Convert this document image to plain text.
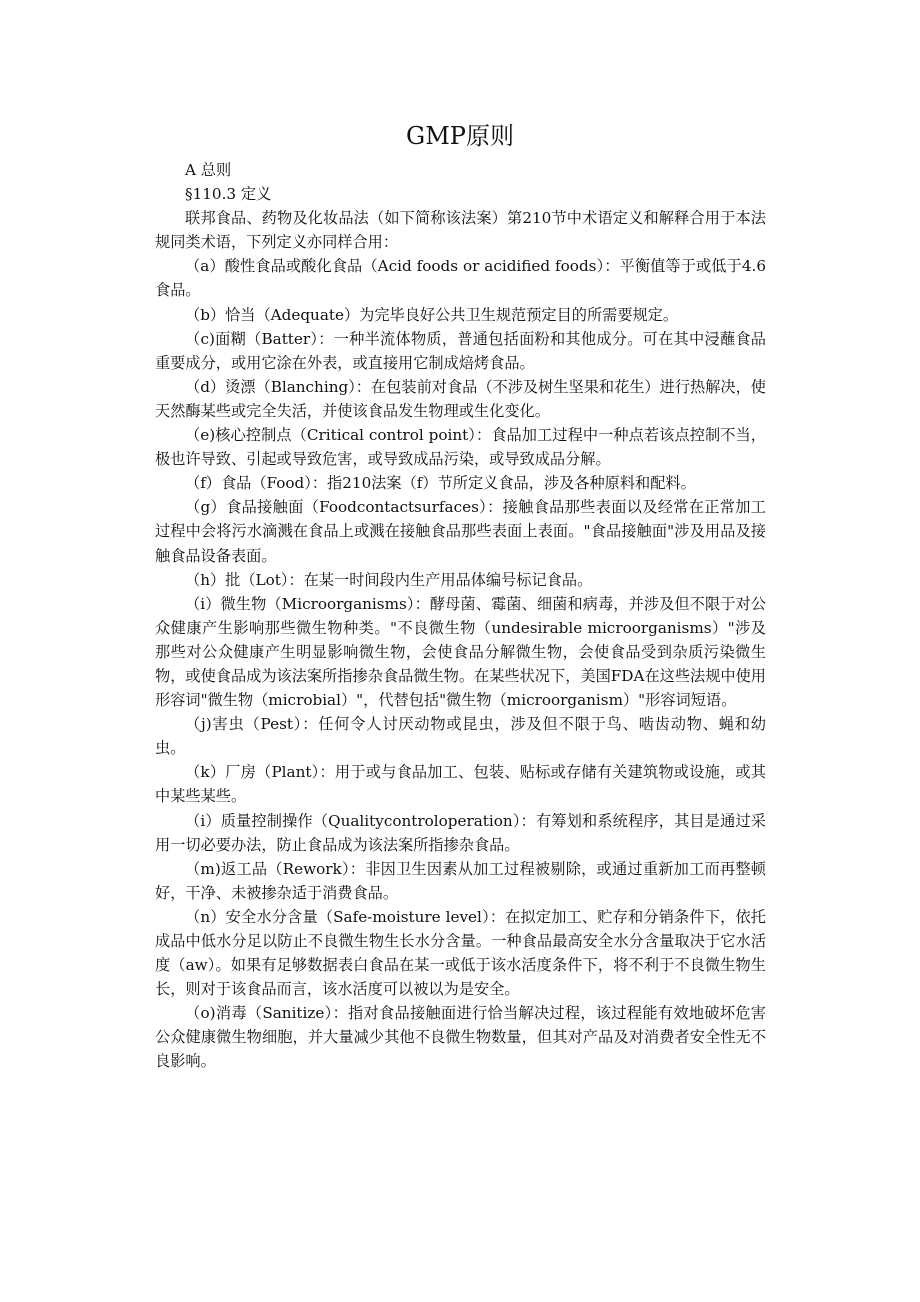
GMP原则

A 总则

§110.3 定义

联邦食品、药物及化妆品法（如下简称该法案）第210节中术语定义和解释合用于本法规同类术语，下列定义亦同样合用：

（a）酸性食品或酸化食品（Acid foods or acidified foods）：平衡值等于或低于4.6食品。

（b）恰当（Adequate）为完毕良好公共卫生规范预定目的所需要规定。

（c)面糊（Batter）：一种半流体物质，普通包括面粉和其他成分。可在其中浸蘸食品重要成分，或用它涂在外表，或直接用它制成焙烤食品。

（d）烫漂（Blanching）：在包装前对食品（不涉及树生坚果和花生）进行热解决，使天然酶某些或完全失活，并使该食品发生物理或生化变化。

（e)核心控制点（Critical control point）：食品加工过程中一种点若该点控制不当，极也许导致、引起或导致危害，或导致成品污染，或导致成品分解。

（f）食品（Food）：指210法案（f）节所定义食品，涉及各种原料和配料。

（g）食品接触面（Foodcontactsurfaces）：接触食品那些表面以及经常在正常加工过程中会将污水滴溅在食品上或溅在接触食品那些表面上表面。"食品接触面"涉及用品及接触食品设备表面。

（h）批（Lot）：在某一时间段内生产用品体编号标记食品。

（i）微生物（Microorganisms）：酵母菌、霉菌、细菌和病毒，并涉及但不限于对公众健康产生影响那些微生物种类。"不良微生物（undesirable microorganisms）"涉及那些对公众健康产生明显影响微生物，会使食品分解微生物，会使食品受到杂质污染微生物，或使食品成为该法案所指掺杂食品微生物。在某些状况下，美国FDA在这些法规中使用形容词"微生物（microbial）"，代替包括"微生物（microorganism）"形容词短语。

（j)害虫（Pest）：任何令人讨厌动物或昆虫，涉及但不限于鸟、啮齿动物、蝇和幼虫。

（k）厂房（Plant）：用于或与食品加工、包装、贴标或存储有关建筑物或设施，或其中某些某些。

（i）质量控制操作（Qualitycontroloperation）：有筹划和系统程序，其目是通过采用一切必要办法，防止食品成为该法案所指掺杂食品。

（m)返工品（Rework）：非因卫生因素从加工过程被剔除，或通过重新加工而再整顿好，干净、未被掺杂适于消费食品。

（n）安全水分含量（Safe-moisture level）：在拟定加工、贮存和分销条件下，依托成品中低水分足以防止不良微生物生长水分含量。一种食品最高安全水分含量取决于它水活度（aw）。如果有足够数据表白食品在某一或低于该水活度条件下，将不利于不良微生物生长，则对于该食品而言，该水活度可以被以为是安全。

（o)消毒（Sanitize）：指对食品接触面进行恰当解决过程，该过程能有效地破坏危害公众健康微生物细胞，并大量减少其他不良微生物数量，但其对产品及对消费者安全性无不良影响。
